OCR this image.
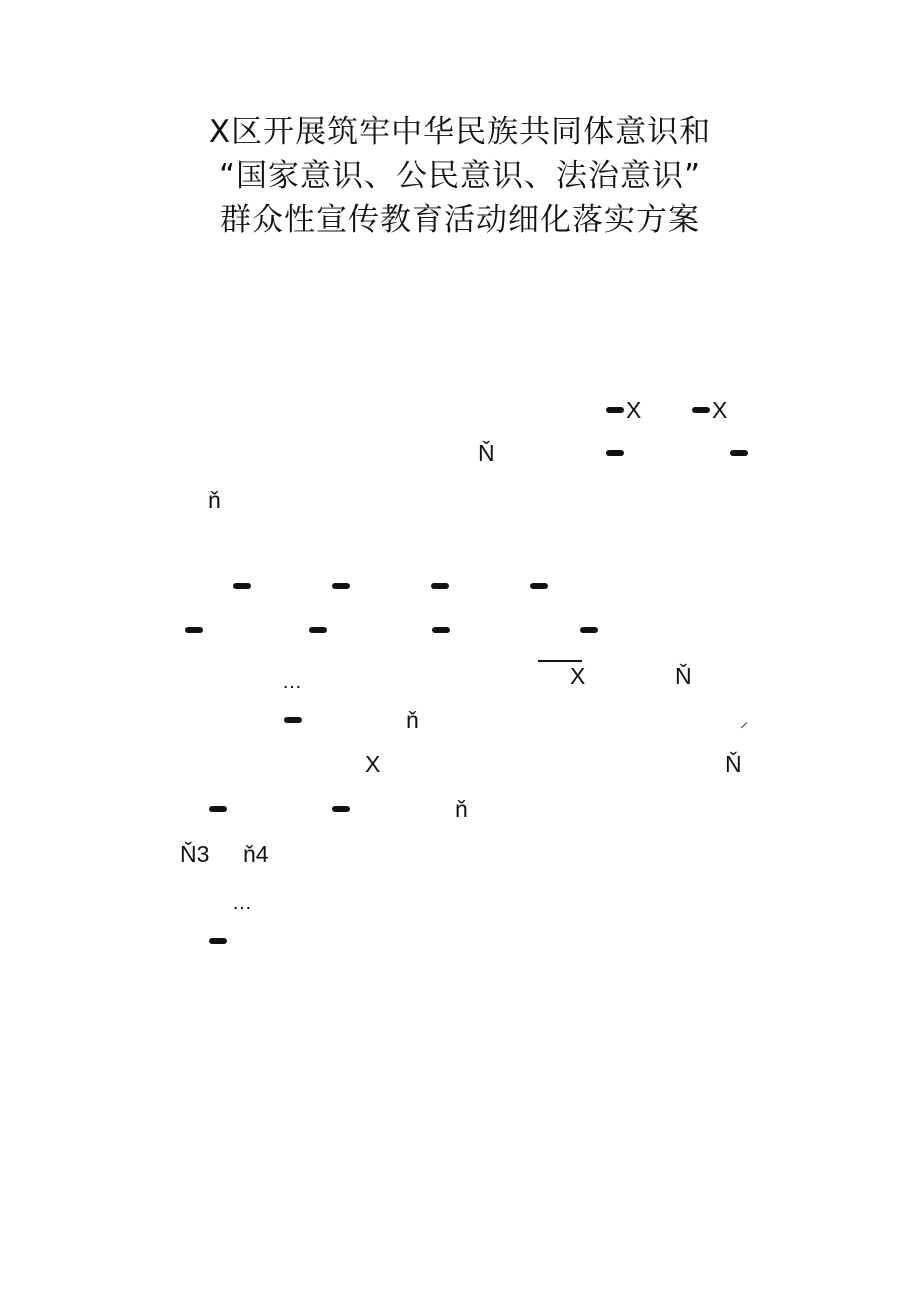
X区开展筑牢中华民族共同体意识和
“国家意识、公民意识、法治意识”
群众性宣传教育活动细化落实方案
X	X
Ň
ň
…	X	Ň
ň	⸝
X	Ň
ň
Ň3 ň4
…
